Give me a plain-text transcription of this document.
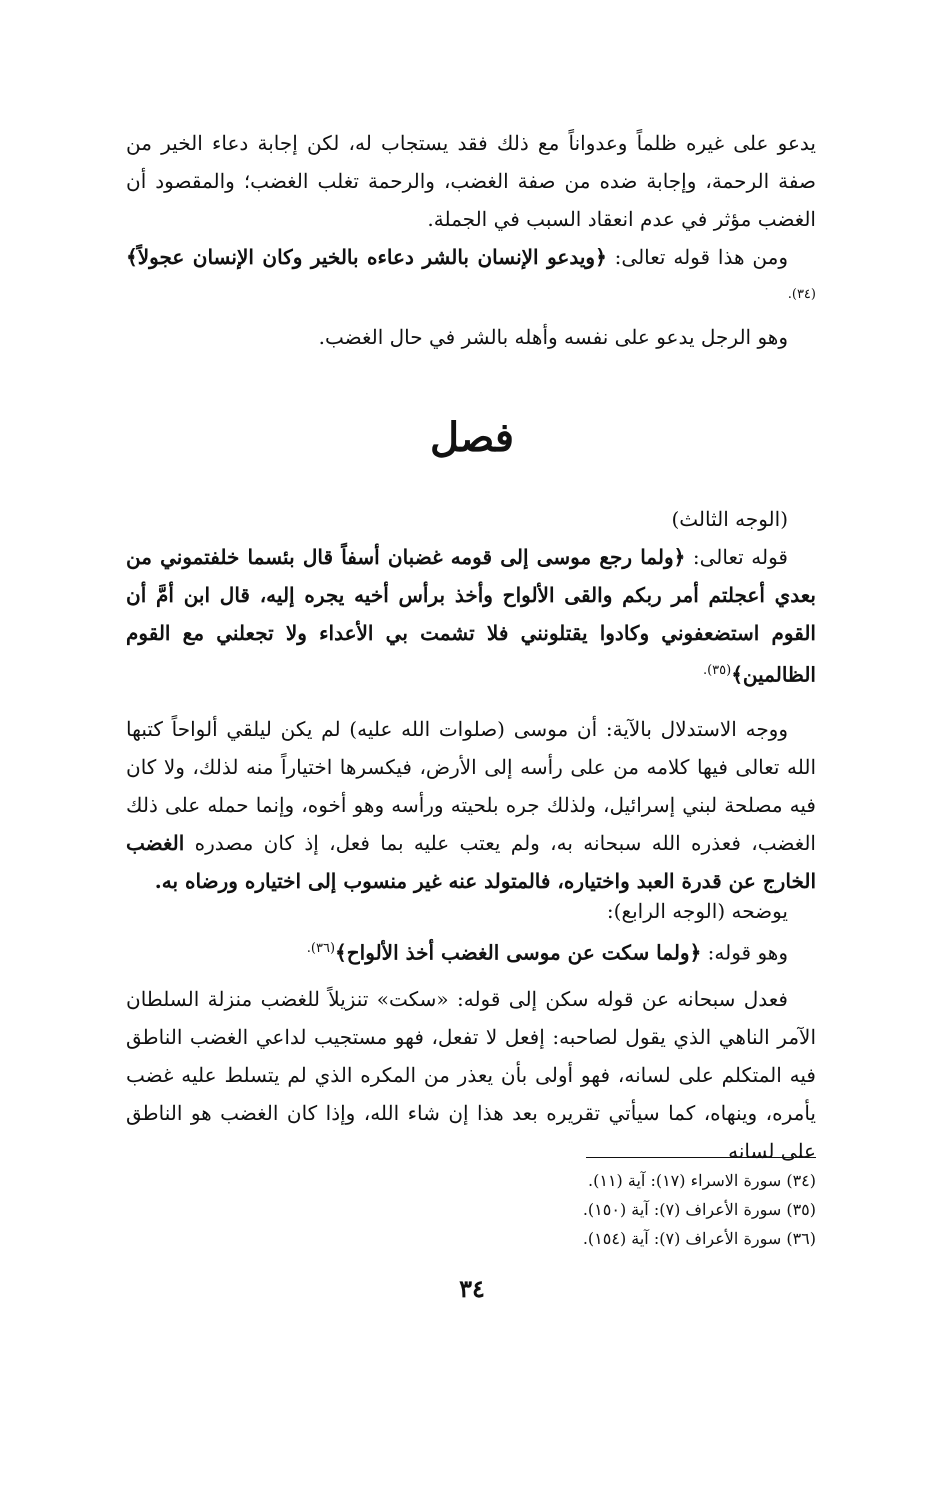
يدعو على غيره ظلماً وعدواناً مع ذلك فقد يستجاب له، لكن إجابة دعاء الخير من صفة الرحمة، وإجابة ضده من صفة الغضب، والرحمة تغلب الغضب؛ والمقصود أن الغضب مؤثر في عدم انعقاد السبب في الجملة.

ومن هذا قوله تعالى: ﴿ويدعو الإنسان بالشر دعاءه بالخير وكان الإنسان عجولاً﴾$^{(٣٤).}$

وهو الرجل يدعو على نفسه وأهله بالشر في حال الغضب.

فصل

(الوجه الثالث)

قوله تعالى: ﴿ولما رجع موسى إلى قومه غضبان أسفاً قال بئسما خلفتموني من بعدي أعجلتم أمر ربكم والقى الألواح وأخذ برأس أخيه يجره إليه، قال ابن أمَّ أن القوم استضعفوني وكادوا يقتلونني فلا تشمت بي الأعداء ولا تجعلني مع القوم الظالمين﴾$^{(٣٥).}$

ووجه الاستدلال بالآية: أن موسى (صلوات الله عليه) لم يكن ليلقي ألواحاً كتبها الله تعالى فيها كلامه من على رأسه إلى الأرض، فيكسرها اختياراً منه لذلك، ولا كان فيه مصلحة لبني إسرائيل، ولذلك جره بلحيته ورأسه وهو أخوه، وإنما حمله على ذلك الغضب، فعذره الله سبحانه به، ولم يعتب عليه بما فعل، إذ كان مصدره الغضب الخارج عن قدرة العبد واختياره، فالمتولد عنه غير منسوب إلى اختياره ورضاه به.

يوضحه (الوجه الرابع):

وهو قوله: ﴿ولما سكت عن موسى الغضب أخذ الألواح﴾$^{(٣٦).}$

فعدل سبحانه عن قوله سكن إلى قوله: «سكت» تنزيلاً للغضب منزلة السلطان الآمر الناهي الذي يقول لصاحبه: إفعل لا تفعل، فهو مستجيب لداعي الغضب الناطق فيه المتكلم على لسانه، فهو أولى بأن يعذر من المكره الذي لم يتسلط عليه غضب يأمره، وينهاه، كما سيأتي تقريره بعد هذا إن شاء الله، وإذا كان الغضب هو الناطق على لسانه

(٣٤) سورة الاسراء (١٧): آية (١١).
(٣٥) سورة الأعراف (٧): آية (١٥٠).
(٣٦) سورة الأعراف (٧): آية (١٥٤).
٣٤
